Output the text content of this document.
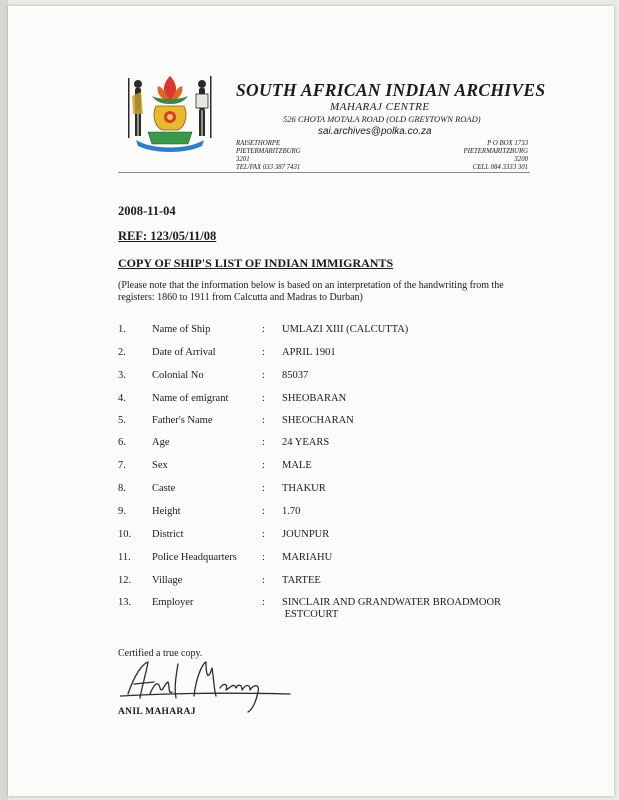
SOUTH AFRICAN INDIAN ARCHIVES
MAHARAJ CENTRE
526 CHOTA MOTALA ROAD (OLD GREYTOWN ROAD)
sai.archives@polka.co.za
RAISETHORPE
PIETERMARITZBURG
3201
TEL/FAX 033 387 7431
P O BOX 1733
PIETERMARITZBURG
3200
CELL 084 3333 301
2008-11-04
REF: 123/05/11/08
COPY OF SHIP'S LIST OF INDIAN IMMIGRANTS
(Please note that the information below is based on an interpretation of the handwriting from the registers: 1860 to 1911 from Calcutta and Madras to Durban)
1. Name of Ship	: UMLAZI XIII (CALCUTTA)
2. Date of Arrival	: APRIL 1901
3. Colonial No	: 85037
4. Name of emigrant	: SHEOBARAN
5. Father's Name	: SHEOCHARAN
6. Age	: 24 YEARS
7. Sex	: MALE
8. Caste	: THAKUR
9. Height	: 1.70
10. District	: JOUNPUR
11. Police Headquarters : MARIAHU
12. Village	: TARTEE
13. Employer	: SINCLAIR AND GRANDWATER BROADMOOR
ESTCOURT
Certified a true copy.
ANIL MAHARAJ
